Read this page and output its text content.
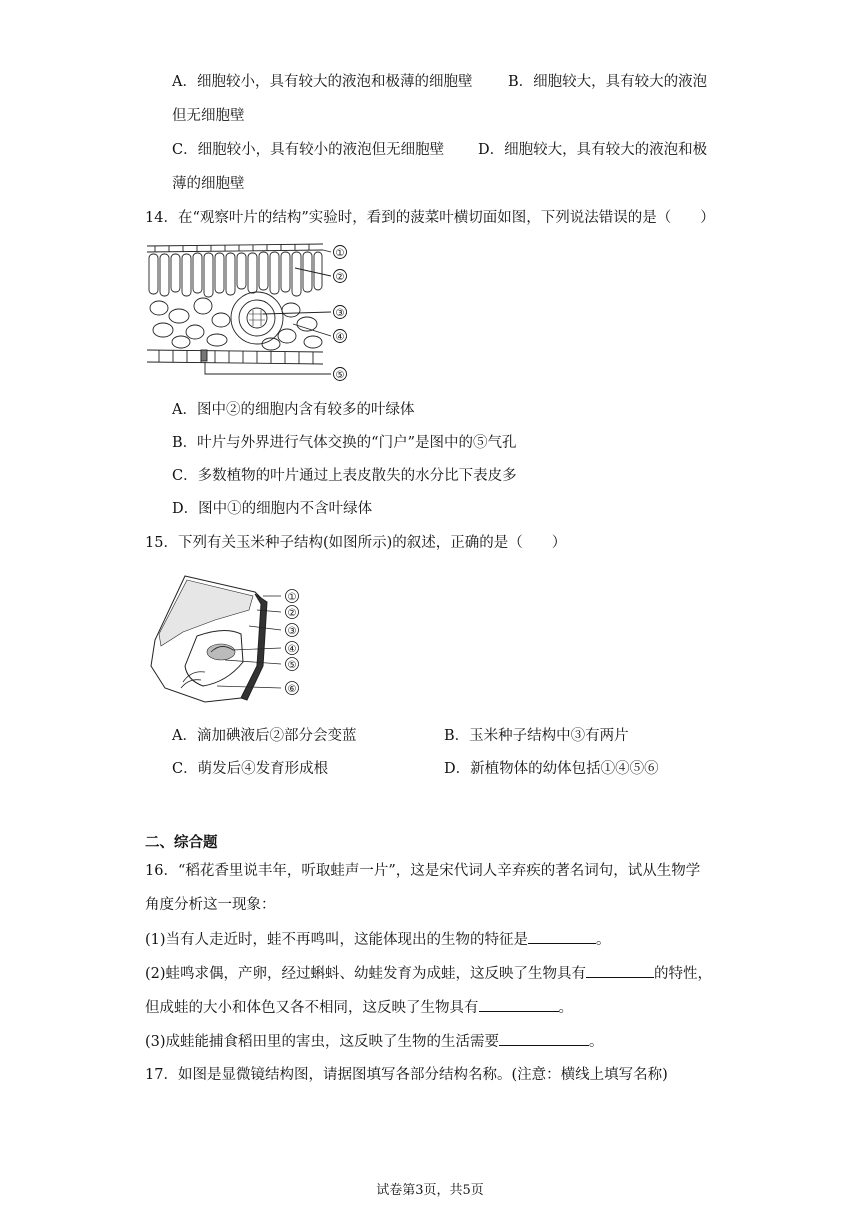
A．细胞较小，具有较大的液泡和极薄的细胞壁 B．细胞较大，具有较大的液泡
但无细胞壁
C．细胞较小，具有较小的液泡但无细胞壁 D．细胞较大，具有较大的液泡和极
薄的细胞壁
14．在“观察叶片的结构”实验时，看到的菠菜叶横切面如图，下列说法错误的是（　　）
①
②
③
④
⑤
A．图中②的细胞内含有较多的叶绿体
B．叶片与外界进行气体交换的“门户”是图中的⑤气孔
C．多数植物的叶片通过上表皮散失的水分比下表皮多
D．图中①的细胞内不含叶绿体
15．下列有关玉米种子结构(如图所示)的叙述，正确的是（　　）
①
②
③
④
⑤
⑥
A．滴加碘液后②部分会变蓝	B．玉米种子结构中③有两片
C．萌发后④发育形成根	D．新植物体的幼体包括①④⑤⑥
二、综合题
16．“稻花香里说丰年，听取蛙声一片”，这是宋代词人辛弃疾的著名词句，试从生物学
角度分析这一现象：
(1)当有人走近时，蛙不再鸣叫，这能体现出的生物的特征是	。
(2)蛙鸣求偶，产卵，经过蝌蚪、幼蛙发育为成蛙，这反映了生物具有	的特性，
但成蛙的大小和体色又各不相同，这反映了生物具有	。
(3)成蛙能捕食稻田里的害虫，这反映了生物的生活需要	。
17．如图是显微镜结构图，请据图填写各部分结构名称。(注意：横线上填写名称)
试卷第3页，共5页
